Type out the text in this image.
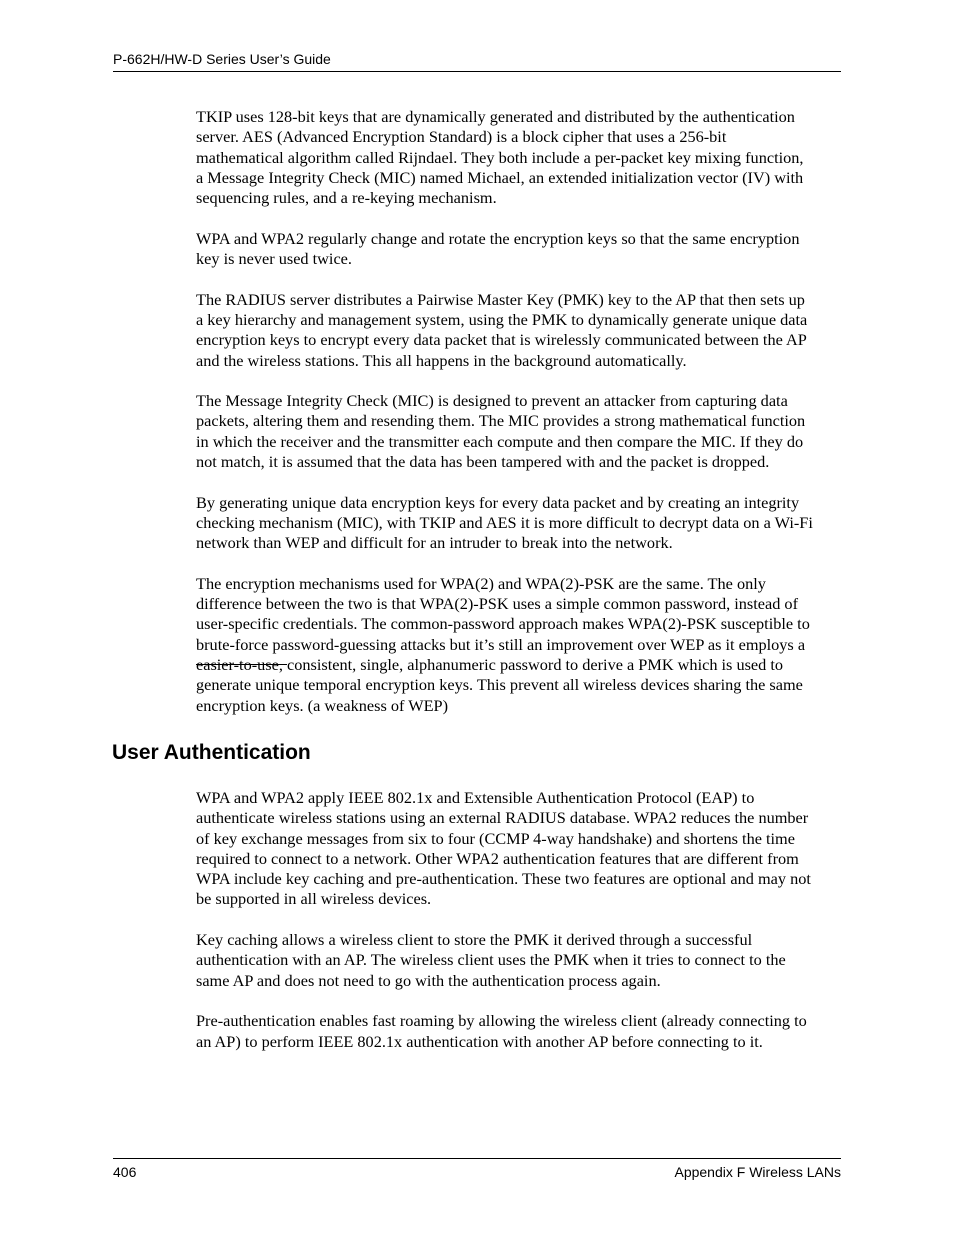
P-662H/HW-D Series User’s Guide

TKIP uses 128-bit keys that are dynamically generated and distributed by the authentication
server. AES (Advanced Encryption Standard) is a block cipher that uses a 256-bit
mathematical algorithm called Rijndael. They both include a per-packet key mixing function,
a Message Integrity Check (MIC) named Michael, an extended initialization vector (IV) with
sequencing rules, and a re-keying mechanism.

WPA and WPA2 regularly change and rotate the encryption keys so that the same encryption
key is never used twice.

The RADIUS server distributes a Pairwise Master Key (PMK) key to the AP that then sets up
a key hierarchy and management system, using the PMK to dynamically generate unique data
encryption keys to encrypt every data packet that is wirelessly communicated between the AP
and the wireless stations. This all happens in the background automatically.

The Message Integrity Check (MIC) is designed to prevent an attacker from capturing data
packets, altering them and resending them. The MIC provides a strong mathematical function
in which the receiver and the transmitter each compute and then compare the MIC. If they do
not match, it is assumed that the data has been tampered with and the packet is dropped.

By generating unique data encryption keys for every data packet and by creating an integrity
checking mechanism (MIC), with TKIP and AES it is more difficult to decrypt data on a Wi-Fi
network than WEP and difficult for an intruder to break into the network.

The encryption mechanisms used for WPA(2) and WPA(2)-PSK are the same. The only
difference between the two is that WPA(2)-PSK uses a simple common password, instead of
user-specific credentials. The common-password approach makes WPA(2)-PSK susceptible to
brute-force password-guessing attacks but it’s still an improvement over WEP as it employs a
easier-to-use, consistent, single, alphanumeric password to derive a PMK which is used to
generate unique temporal encryption keys. This prevent all wireless devices sharing the same
encryption keys. (a weakness of WEP)

User Authentication

WPA and WPA2 apply IEEE 802.1x and Extensible Authentication Protocol (EAP) to
authenticate wireless stations using an external RADIUS database. WPA2 reduces the number
of key exchange messages from six to four (CCMP 4-way handshake) and shortens the time
required to connect to a network. Other WPA2 authentication features that are different from
WPA include key caching and pre-authentication. These two features are optional and may not
be supported in all wireless devices.

Key caching allows a wireless client to store the PMK it derived through a successful
authentication with an AP. The wireless client uses the PMK when it tries to connect to the
same AP and does not need to go with the authentication process again.

Pre-authentication enables fast roaming by allowing the wireless client (already connecting to
an AP) to perform IEEE 802.1x authentication with another AP before connecting to it.

406	Appendix F Wireless LANs
